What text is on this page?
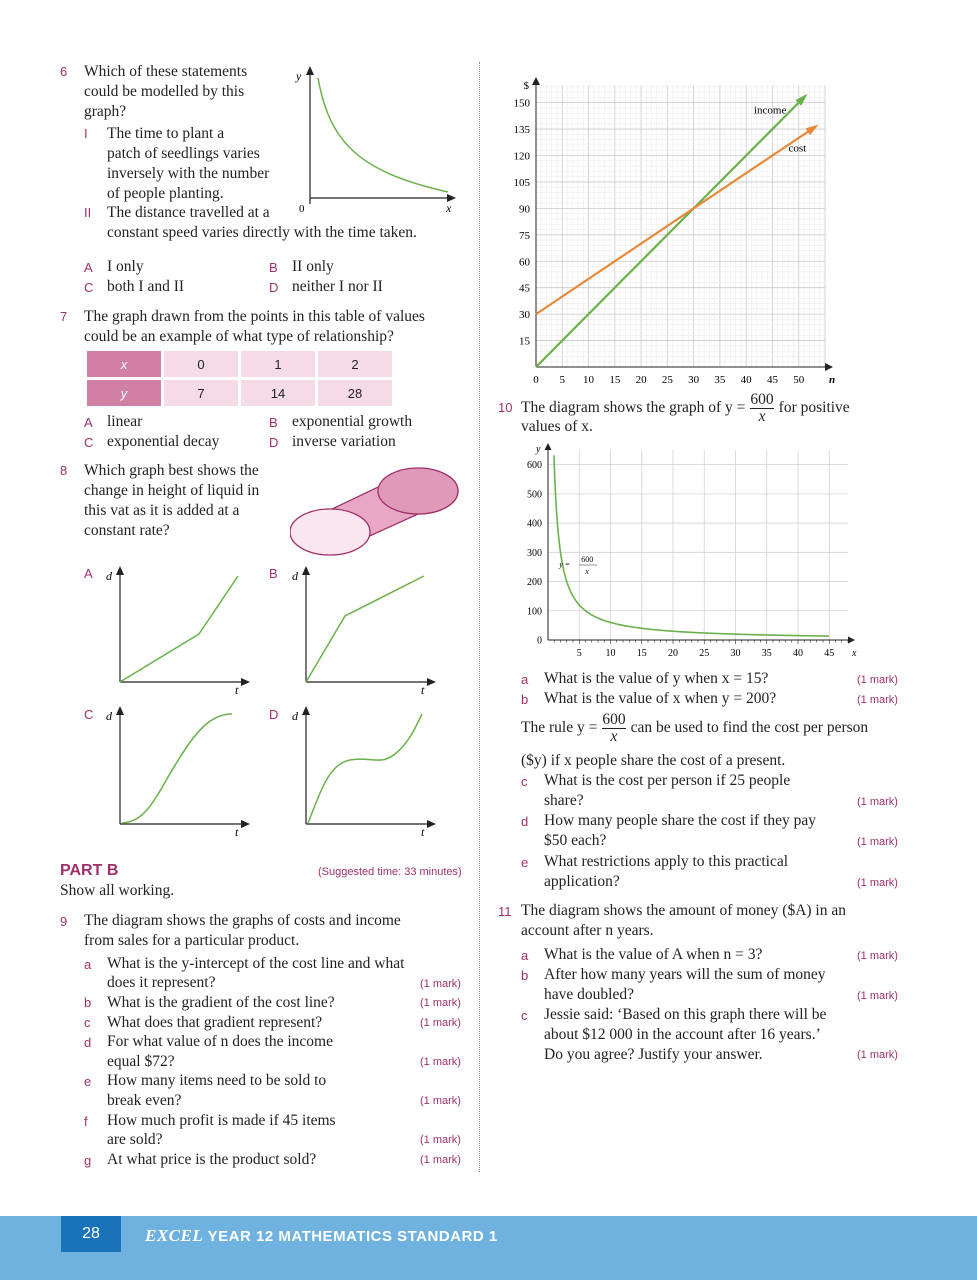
6 Which of these statements
could be modelled by this
graph?
I The time to plant a
patch of seedlings varies
inversely with the number
of people planting.
II The distance travelled at a
constant speed varies directly with the time taken.
y
x
0
A I only	B II only
C both I and II	D neither I nor II
7 The graph drawn from the points in this table of values
could be an example of what type of relationship?
x	0	1	2
y	7	14	28
A linear	B exponential growth
C exponential decay	D inverse variation
8 Which graph best shows the
change in height of liquid in
this vat as it is added at a
constant rate?
A d
t
B d
t
C d
t
D d
t
PART B	(Suggested time: 33 minutes)
Show all working.
9 The diagram shows the graphs of costs and income
from sales for a particular product.
a What is the y-intercept of the cost line and what
does it represent?	(1 mark)
b What is the gradient of the cost line?	(1 mark)
c What does that gradient represent?	(1 mark)
d For what value of n does the income
equal $72?	(1 mark)
e How many items need to be sold to
break even?	(1 mark)
f How much profit is made if 45 items
are sold?	(1 mark)
g At what price is the product sold?	(1 mark)
0 5 10 15 20 25 30 35 40 45 50
15
30
45
60
75
90
105
120
135
150
n
$
income
cost
10 The diagram shows the graph of $y = \frac{600}{x}$ for positive
values of x.
5 10 15 20 25 30 35 40 45
0
100
200
300
400
500
600
x
y
y =
600
x
a What is the value of y when x = 15?	(1 mark)
b What is the value of x when y = 200?	(1 mark)
The rule $y = \frac{600}{x}$ can be used to find the cost per person
($y) if x people share the cost of a present.
c What is the cost per person if 25 people
share?	(1 mark)
d How many people share the cost if they pay
$50 each?	(1 mark)
e What restrictions apply to this practical
application?	(1 mark)
11 The diagram shows the amount of money ($A) in an
account after n years.
a What is the value of A when n = 3?	(1 mark)
b After how many years will the sum of money
have doubled?	(1 mark)
c Jessie said: ‘Based on this graph there will be
about $12 000 in the account after 16 years.’
Do you agree? Justify your answer.	(1 mark)
28	EXCEL YEAR 12 MATHEMATICS STANDARD 1
